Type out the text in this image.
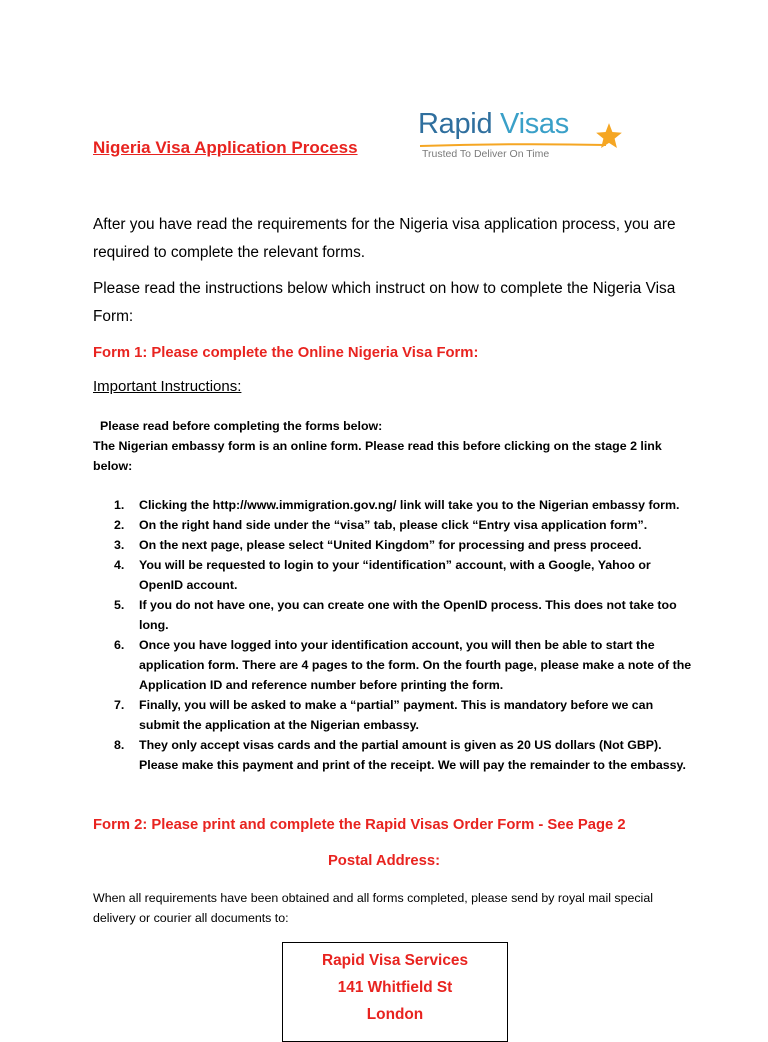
Nigeria Visa Application Process
Rapid Visas
Trusted To Deliver On Time
After you have read the requirements for the Nigeria visa application process, you are required to complete the relevant forms.
Please read the instructions below which instruct on how to complete the Nigeria Visa Form:
Form 1: Please complete the Online Nigeria Visa Form:
Important Instructions:
Please read before completing the forms below:
The Nigerian embassy form is an online form. Please read this before clicking on the stage 2 link below:
1. Clicking the http://www.immigration.gov.ng/ link will take you to the Nigerian embassy form.
2. On the right hand side under the “visa” tab, please click “Entry visa application form”.
3. On the next page, please select “United Kingdom” for processing and press proceed.
4. You will be requested to login to your “identification” account, with a Google, Yahoo or OpenID account.
5. If you do not have one, you can create one with the OpenID process. This does not take too long.
6. Once you have logged into your identification account, you will then be able to start the application form. There are 4 pages to the form. On the fourth page, please make a note of the Application ID and reference number before printing the form.
7. Finally, you will be asked to make a “partial” payment. This is mandatory before we can submit the application at the Nigerian embassy.
8. They only accept visas cards and the partial amount is given as 20 US dollars (Not GBP). Please make this payment and print of the receipt. We will pay the remainder to the embassy.
Form 2: Please print and complete the Rapid Visas Order Form - See Page 2
Postal Address:
When all requirements have been obtained and all forms completed, please send by royal mail special delivery or courier all documents to:
Rapid Visa Services
141 Whitfield St
London
